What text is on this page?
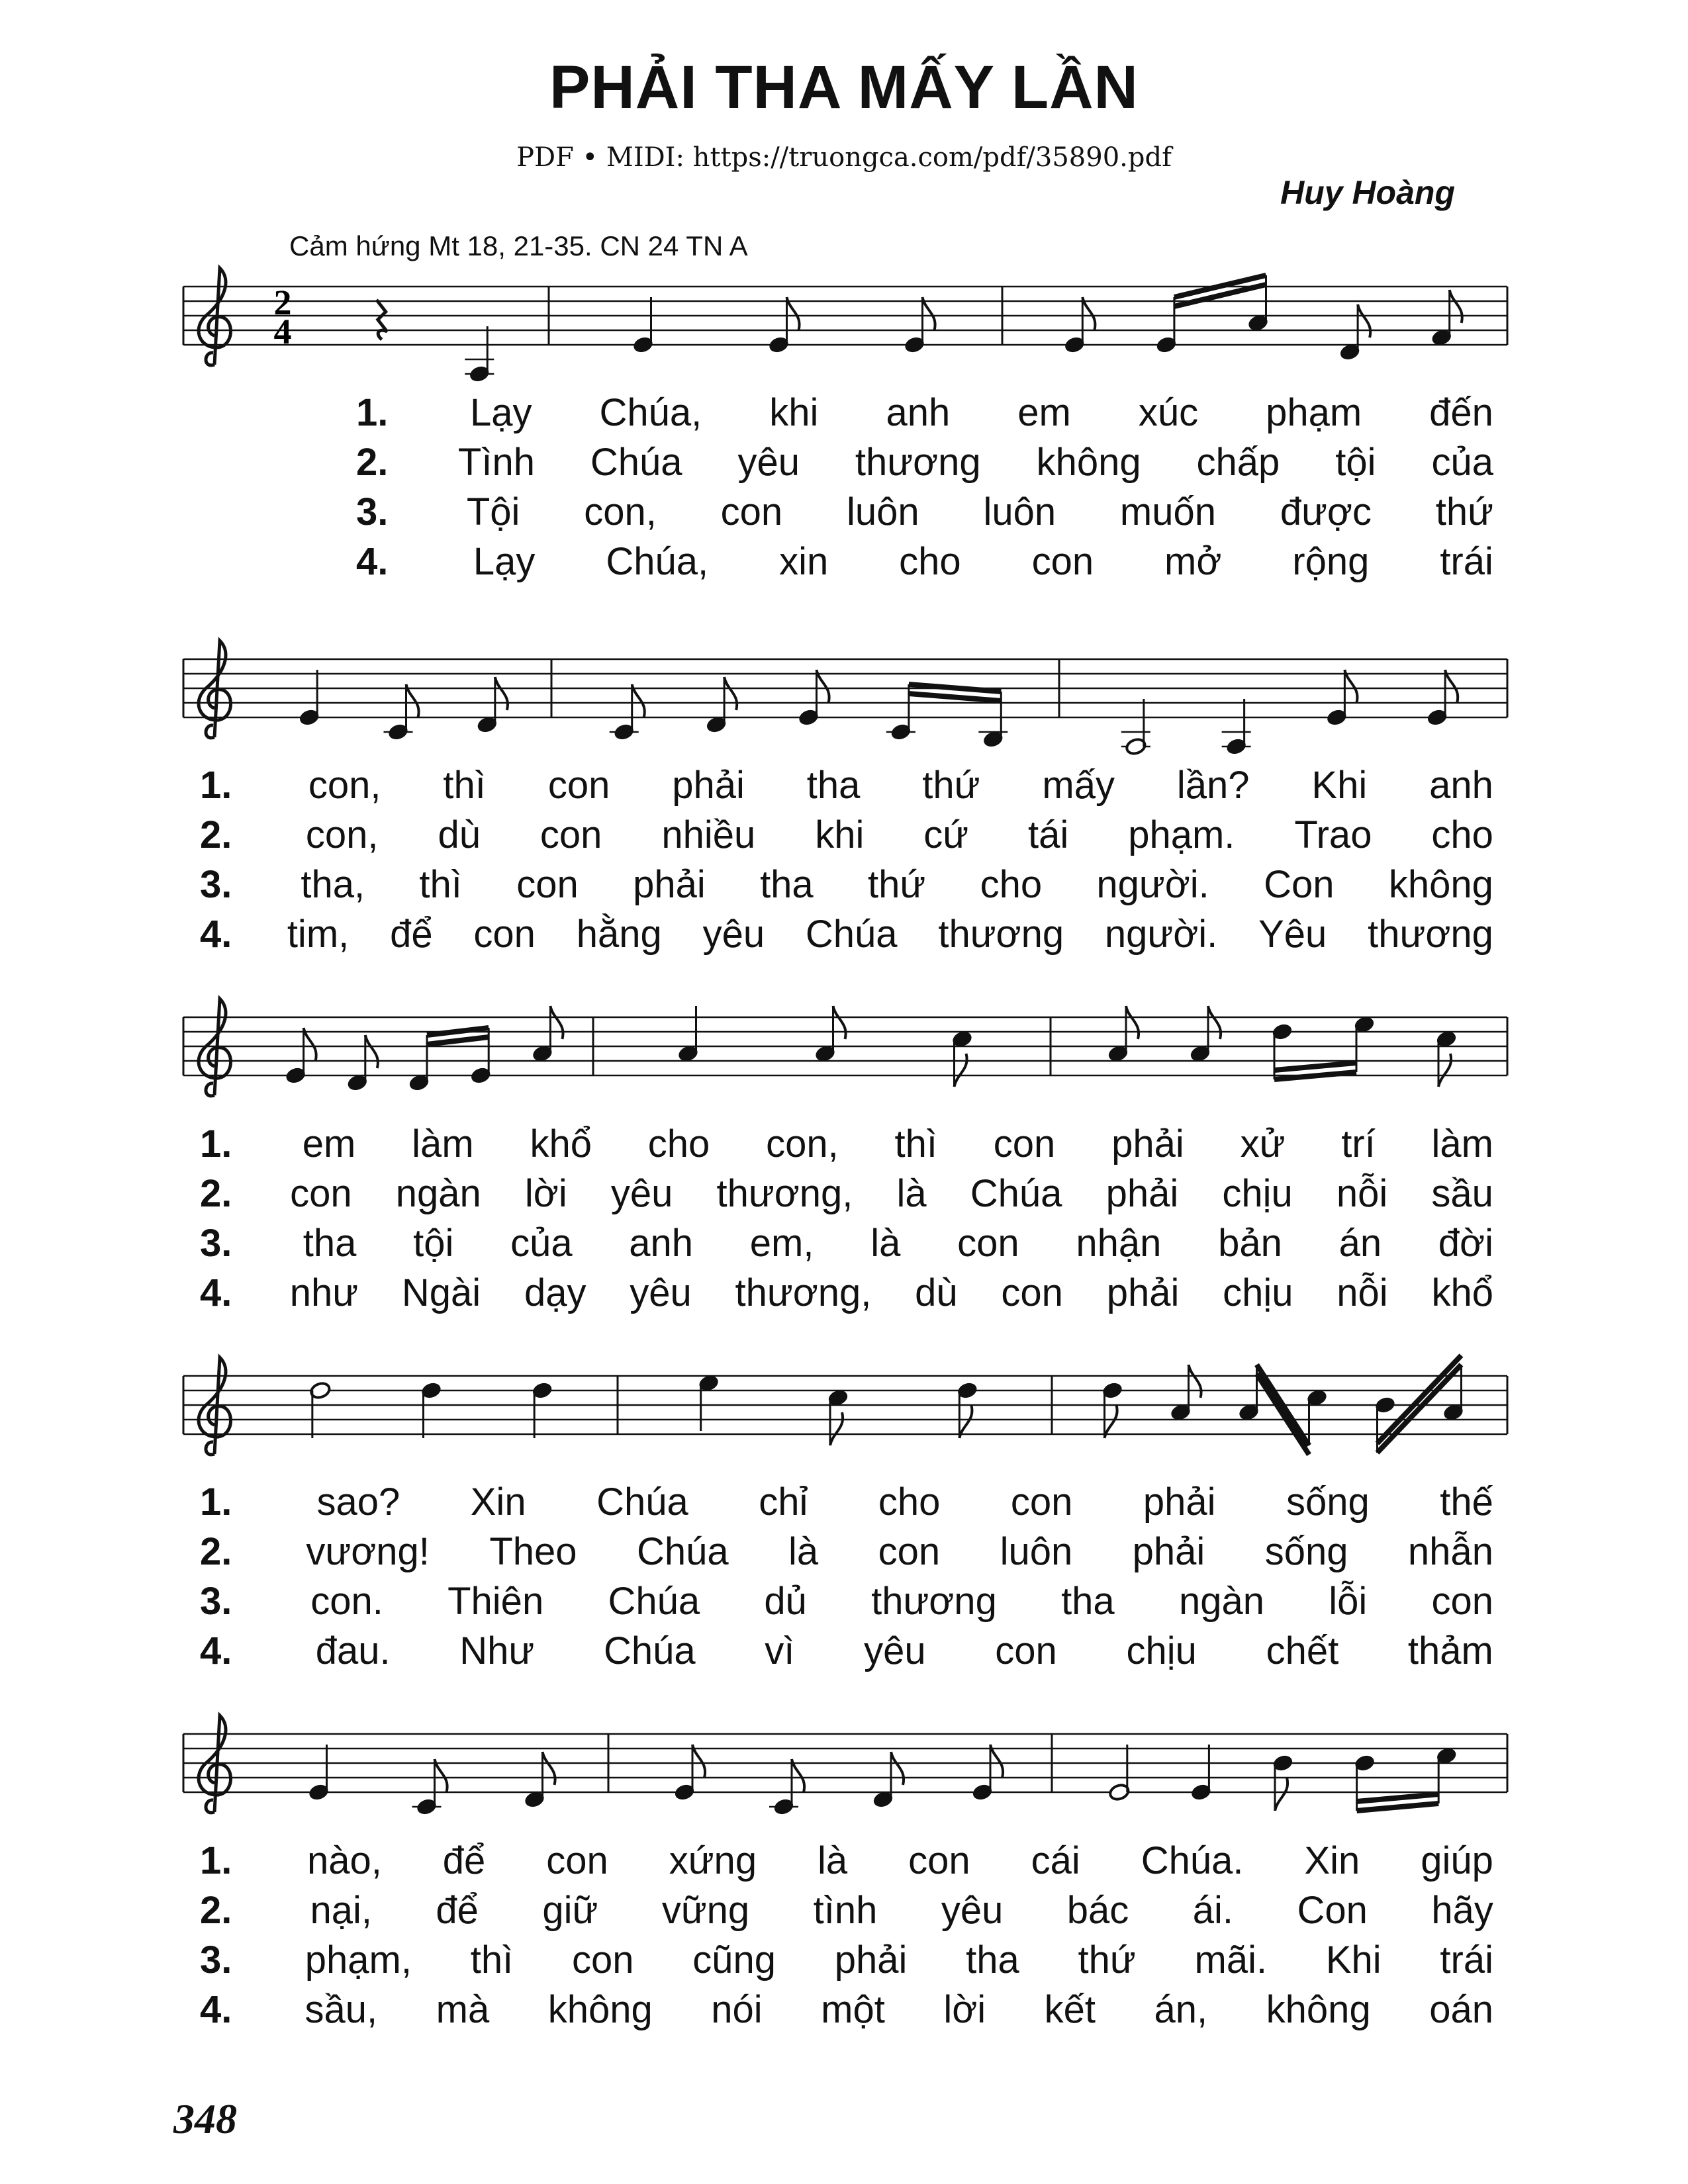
PHẢI THA MẤY LẦN
PDF • MIDI: https://truongca.com/pdf/35890.pdf
Huy Hoàng
Cảm hứng Mt 18, 21-35. CN 24 TN A
2
4
1.	Lạy Chúa, khi anh em xúc phạm đến
2.	Tình Chúa yêu thương không chấp tội của
3.	Tội con, con luôn luôn muốn được thứ
4.	Lạy Chúa, xin cho con mở rộng trái
1.	con, thì con phải tha thứ mấy lần? Khi anh
2.	con, dù con nhiều khi cứ tái phạm. Trao cho
3.	tha, thì con phải tha thứ cho người. Con không
4.	tim, để con hằng yêu Chúa thương người. Yêu thương
1.	em làm khổ cho con, thì con phải xử trí làm
2.	con ngàn lời yêu thương, là Chúa phải chịu nỗi sầu
3.	tha tội của anh em, là con nhận bản án đời
4.	như Ngài dạy yêu thương, dù con phải chịu nỗi khổ
1.	sao? Xin Chúa chỉ cho con phải sống thế
2.	vương! Theo Chúa là con luôn phải sống nhẫn
3.	con. Thiên Chúa dủ thương tha ngàn lỗi con
4.	đau. Như Chúa vì yêu con chịu chết thảm
1.	nào, để con xứng là con cái Chúa. Xin giúp
2.	nại, để giữ vững tình yêu bác ái. Con hãy
3.	phạm, thì con cũng phải tha thứ mãi. Khi trái
4.	sầu, mà không nói một lời kết án, không oán
348
